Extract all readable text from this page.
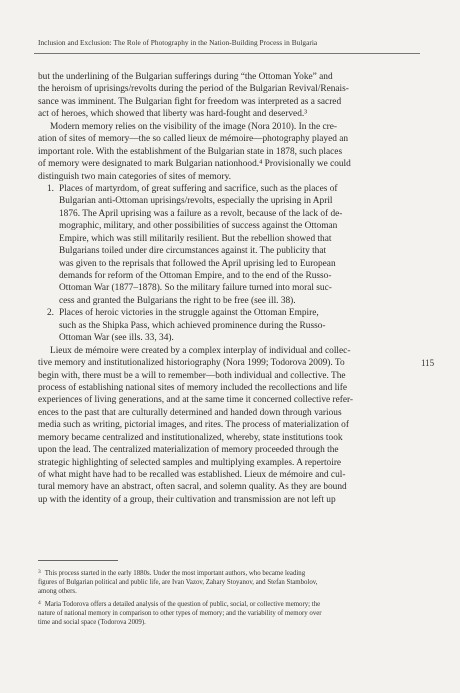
Inclusion and Exclusion: The Role of Photography in the Nation-Building Process in Bulgaria
but the underlining of the Bulgarian sufferings during “the Ottoman Yoke” and
the heroism of uprisings/revolts during the period of the Bulgarian Revival/Renais-
sance was imminent. The Bulgarian fight for freedom was interpreted as a sacred
act of heroes, which showed that liberty was hard-fought and deserved.³
Modern memory relies on the visibility of the image (Nora 2010). In the cre-
ation of sites of memory—the so called lieux de mémoire—photography played an
important role. With the establishment of the Bulgarian state in 1878, such places
of memory were designated to mark Bulgarian nationhood.⁴ Provisionally we could
distinguish two main categories of sites of memory.
1. Places of martyrdom, of great suffering and sacrifice, such as the places of
Bulgarian anti-Ottoman uprisings/revolts, especially the uprising in April
1876. The April uprising was a failure as a revolt, because of the lack of de-
mographic, military, and other possibilities of success against the Ottoman
Empire, which was still militarily resilient. But the rebellion showed that
Bulgarians toiled under dire circumstances against it. The publicity that
was given to the reprisals that followed the April uprising led to European
demands for reform of the Ottoman Empire, and to the end of the Russo-
Ottoman War (1877–1878). So the military failure turned into moral suc-
cess and granted the Bulgarians the right to be free (see ill. 38).
2. Places of heroic victories in the struggle against the Ottoman Empire,
such as the Shipka Pass, which achieved prominence during the Russo-
Ottoman War (see ills. 33, 34).
Lieux de mémoire were created by a complex interplay of individual and collec-
tive memory and institutionalized historiography (Nora 1999; Todorova 2009). To
begin with, there must be a will to remember—both individual and collective. The
process of establishing national sites of memory included the recollections and life
experiences of living generations, and at the same time it concerned collective refer-
ences to the past that are culturally determined and handed down through various
media such as writing, pictorial images, and rites. The process of materialization of
memory became centralized and institutionalized, whereby, state institutions took
upon the lead. The centralized materialization of memory proceeded through the
strategic highlighting of selected samples and multiplying examples. A repertoire
of what might have had to be recalled was established. Lieux de mémoire and cul-
tural memory have an abstract, often sacral, and solemn quality. As they are bound
up with the identity of a group, their cultivation and transmission are not left up
115
$^3$ This process started in the early 1880s. Under the most important authors, who became leading
figures of Bulgarian political and public life, are Ivan Vazov, Zahary Stoyanov, and Stefan Stambolov,
among others.
$^4$ Maria Todorova offers a detailed analysis of the question of public, social, or collective memory; the
nature of national memory in comparison to other types of memory; and the variability of memory over
time and social space (Todorova 2009).
